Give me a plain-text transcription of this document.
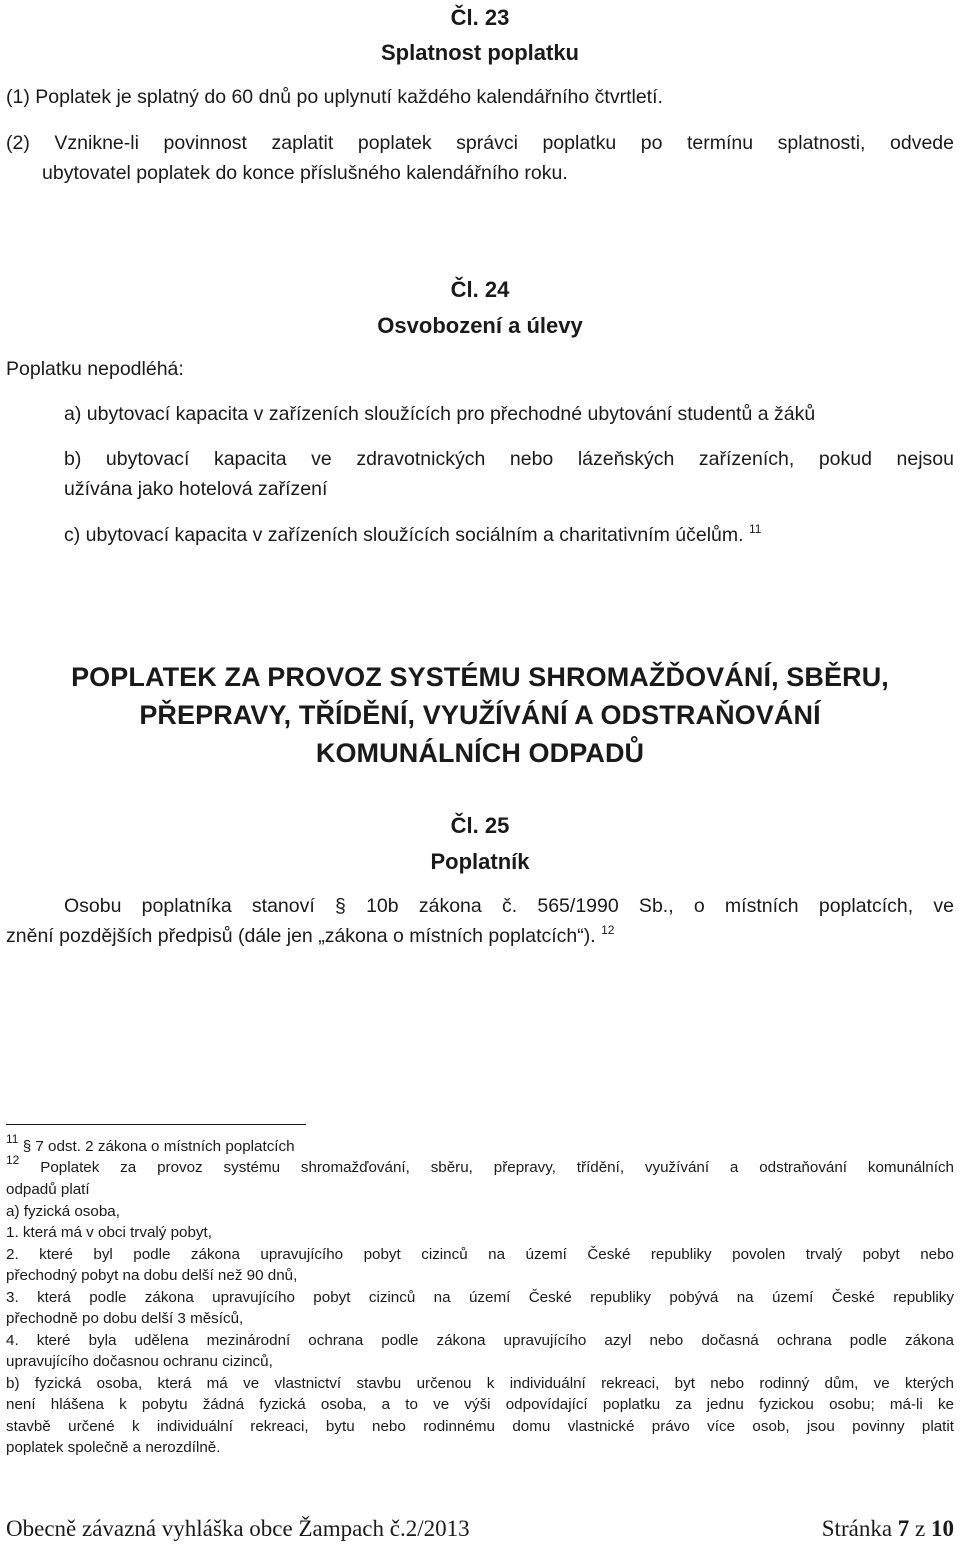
Čl. 23
Splatnost poplatku
(1) Poplatek je splatný do 60 dnů po uplynutí každého kalendářního čtvrtletí.
(2) Vznikne-li povinnost zaplatit poplatek správci poplatku po termínu splatnosti, odvede
ubytovatel poplatek do konce příslušného kalendářního roku.
Čl. 24
Osvobození a úlevy
Poplatku nepodléhá:
a) ubytovací kapacita v zařízeních sloužících pro přechodné ubytování studentů a žáků
b) ubytovací kapacita ve zdravotnických nebo lázeňských zařízeních, pokud nejsou
užívána jako hotelová zařízení
c) ubytovací kapacita v zařízeních sloužících sociálním a charitativním účelům. $^{11}$
POPLATEK ZA PROVOZ SYSTÉMU SHROMAŽĎOVÁNÍ, SBĚRU,
PŘEPRAVY, TŘÍDĚNÍ, VYUŽÍVÁNÍ A ODSTRAŇOVÁNÍ
KOMUNÁLNÍCH ODPADŮ
Čl. 25
Poplatník
Osobu poplatníka stanoví § 10b zákona č. 565/1990 Sb., o místních poplatcích, ve
znění pozdějších předpisů (dále jen „zákona o místních poplatcích“). $^{12}$
$^{11}$ § 7 odst. 2 zákona o místních poplatcích
$^{12}$ Poplatek za provoz systému shromažďování, sběru, přepravy, třídění, využívání a odstraňování komunálních
odpadů platí
a) fyzická osoba,
1. která má v obci trvalý pobyt,
2. které byl podle zákona upravujícího pobyt cizinců na území České republiky povolen trvalý pobyt nebo
přechodný pobyt na dobu delší než 90 dnů,
3. která podle zákona upravujícího pobyt cizinců na území České republiky pobývá na území České republiky
přechodně po dobu delší 3 měsíců,
4. které byla udělena mezinárodní ochrana podle zákona upravujícího azyl nebo dočasná ochrana podle zákona
upravujícího dočasnou ochranu cizinců,
b) fyzická osoba, která má ve vlastnictví stavbu určenou k individuální rekreaci, byt nebo rodinný dům, ve kterých
není hlášena k pobytu žádná fyzická osoba, a to ve výši odpovídající poplatku za jednu fyzickou osobu; má-li ke
stavbě určené k individuální rekreaci, bytu nebo rodinnému domu vlastnické právo více osob, jsou povinny platit
poplatek společně a nerozdílně.
Obecně závazná vyhláška obce Žampach č.2/2013	Stránka 7 z 10
